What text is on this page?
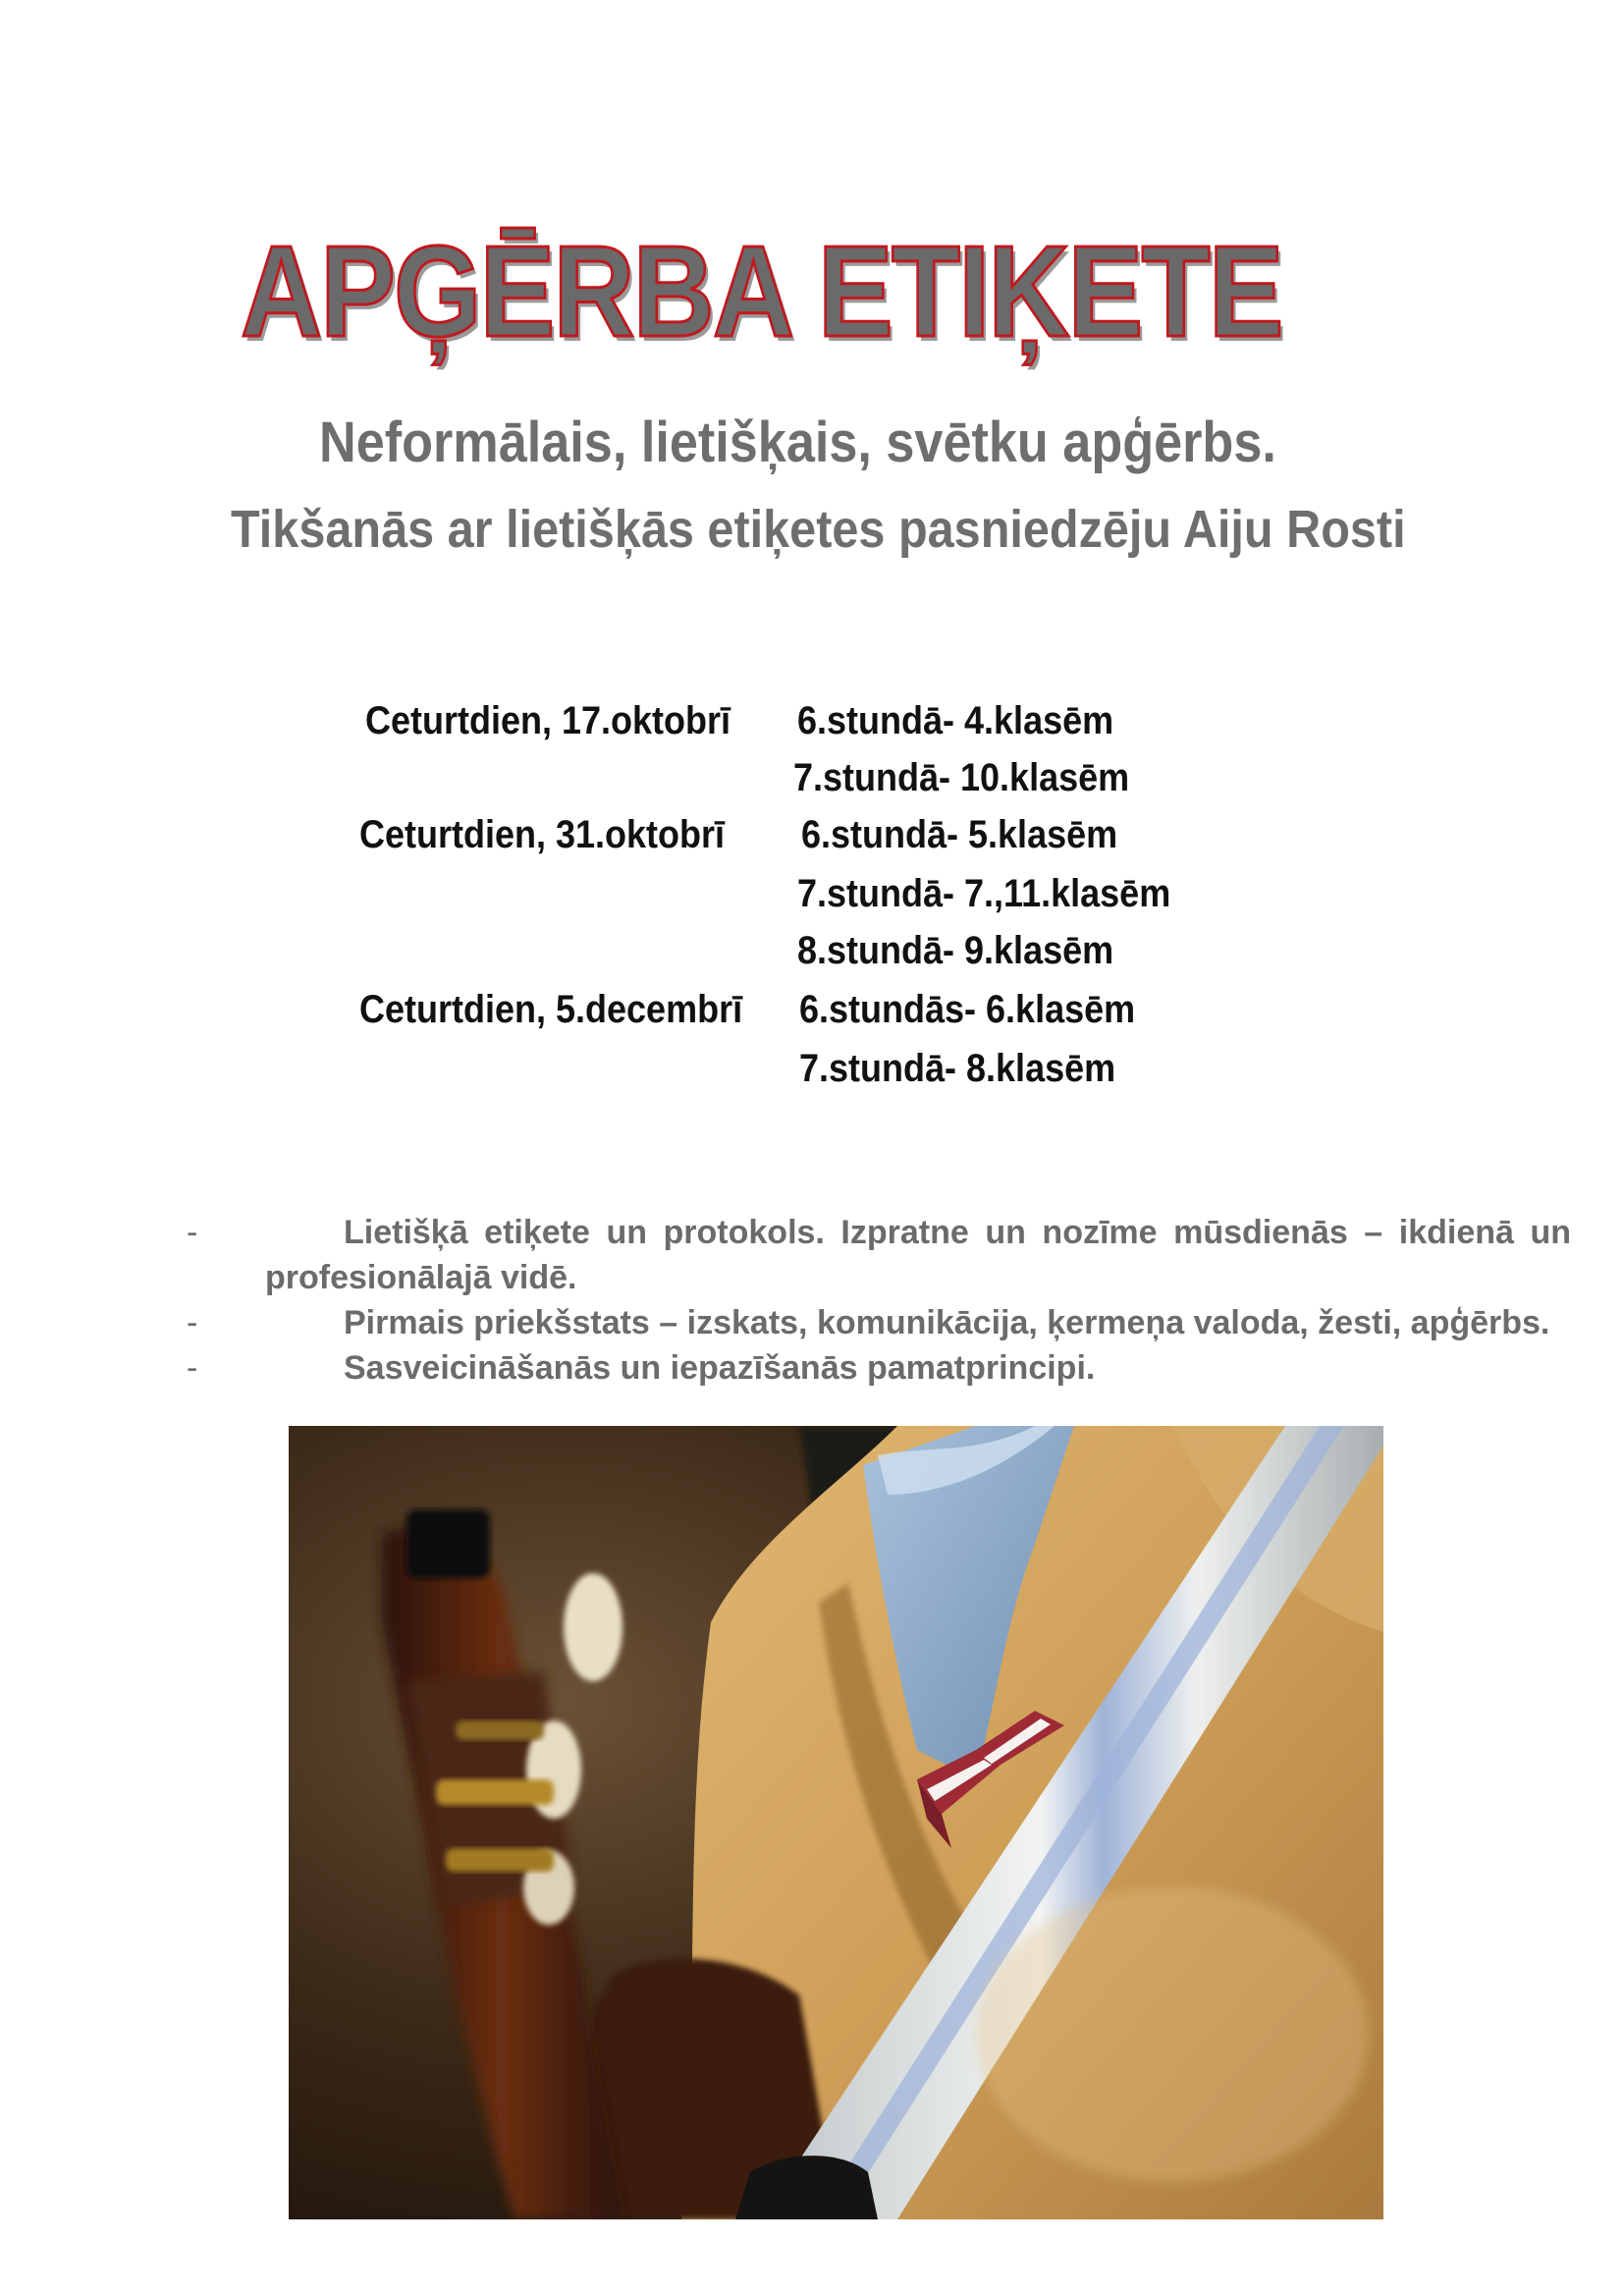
APĢĒRBA ETIĶETE

Neformālais, lietišķais, svētku apģērbs.

Tikšanās ar lietišķās etiķetes pasniedzēju Aiju Rosti

Ceturtdien, 17.oktobrī 6.stundā- 4.klasēm

7.stundā- 10.klasēm

Ceturtdien, 31.oktobrī 6.stundā- 5.klasēm

7.stundā- 7.,11.klasēm

8.stundā- 9.klasēm

Ceturtdien, 5.decembrī 6.stundās- 6.klasēm

7.stundā- 8.klasēm

-	Lietišķā etiķete un protokols. Izpratne un nozīme mūsdienās – ikdienā un profesionālajā vidē.
-	Pirmais priekšstats – izskats, komunikācija, ķermeņa valoda, žesti, apģērbs.
-	Sasveicināšanās un iepazīšanās pamatprincipi.
